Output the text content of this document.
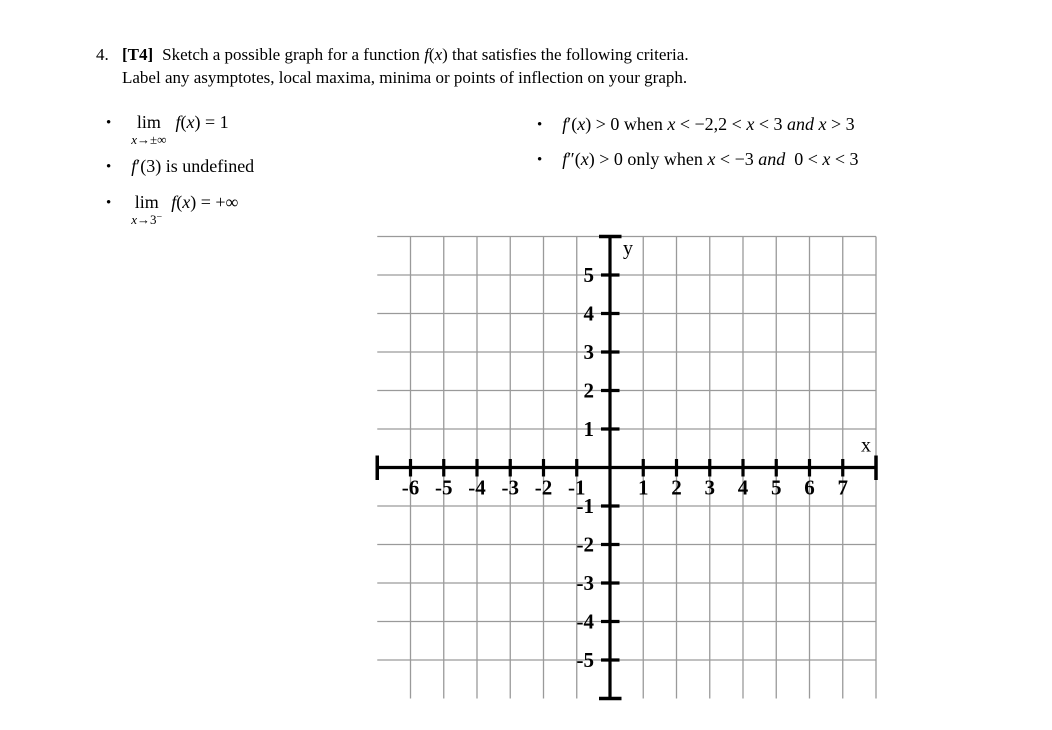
4. [T4] Sketch a possible graph for a function f(x) that satisfies the following criteria.
Label any asymptotes, local maxima, minima or points of inflection on your graph.
• lim
x→±∞
f(x) = 1
• f′(3) is undefined
• lim
x→3−
f(x) = +∞
• f′(x) > 0 when x < −2,2 < x < 3 and x > 3
• f″(x) > 0 only when x < −3 and  0 < x < 3
-6 -5 -4 -3 -2 -1	1 2 3 4 5 6 7
5
4
3
2
1
-1
-2
-3
-4
-5
x
y
